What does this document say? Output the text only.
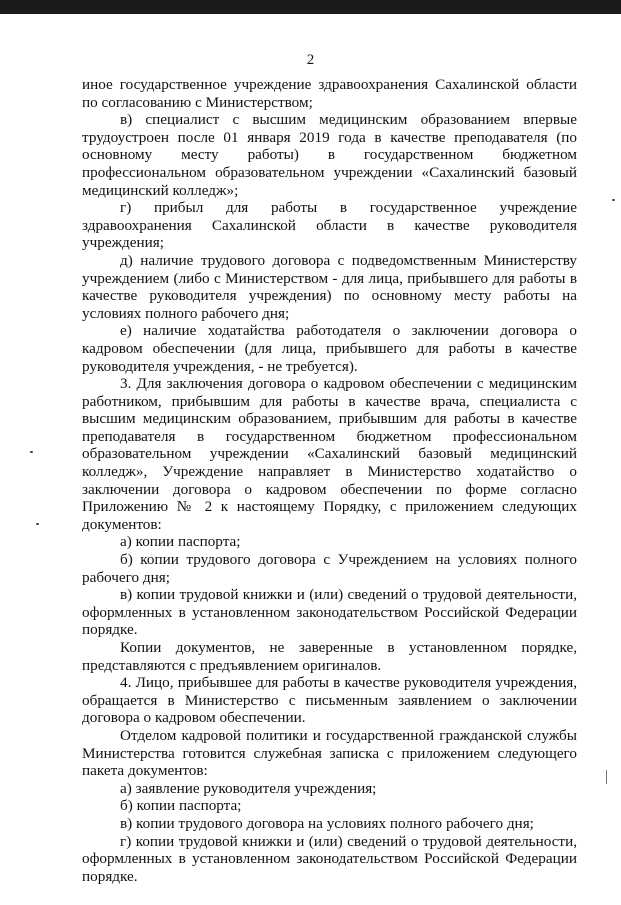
2

иное государственное учреждение здравоохранения Сахалинской области по согласованию с Министерством;

в) специалист с высшим медицинским образованием впервые трудоустроен после 01 января 2019 года в качестве преподавателя (по основному месту работы) в государственном бюджетном профессиональном образовательном учреждении «Сахалинский базовый медицинский колледж»;

г) прибыл для работы в государственное учреждение здравоохранения Сахалинской области в качестве руководителя учреждения;

д) наличие трудового договора с подведомственным Министерству учреждением (либо с Министерством - для лица, прибывшего для работы в качестве руководителя учреждения) по основному месту работы на условиях полного рабочего дня;

е) наличие ходатайства работодателя о заключении договора о кадровом обеспечении (для лица, прибывшего для работы в качестве руководителя учреждения, - не требуется).

3. Для заключения договора о кадровом обеспечении с медицинским работником, прибывшим для работы в качестве врача, специалиста с высшим медицинским образованием, прибывшим для работы в качестве преподавателя в государственном бюджетном профессиональном образовательном учреждении «Сахалинский базовый медицинский колледж», Учреждение направляет в Министерство ходатайство о заключении договора о кадровом обеспечении по форме согласно Приложению № 2 к настоящему Порядку, с приложением следующих документов:

а) копии паспорта;

б) копии трудового договора с Учреждением на условиях полного рабочего дня;

в) копии трудовой книжки и (или) сведений о трудовой деятельности, оформленных в установленном законодательством Российской Федерации порядке.

Копии документов, не заверенные в установленном порядке, представляются с предъявлением оригиналов.

4. Лицо, прибывшее для работы в качестве руководителя учреждения, обращается в Министерство с письменным заявлением о заключении договора о кадровом обеспечении.

Отделом кадровой политики и государственной гражданской службы Министерства готовится служебная записка с приложением следующего пакета документов:

а) заявление руководителя учреждения;

б) копии паспорта;

в) копии трудового договора на условиях полного рабочего дня;

г) копии трудовой книжки и (или) сведений о трудовой деятельности, оформленных в установленном законодательством Российской Федерации порядке.
